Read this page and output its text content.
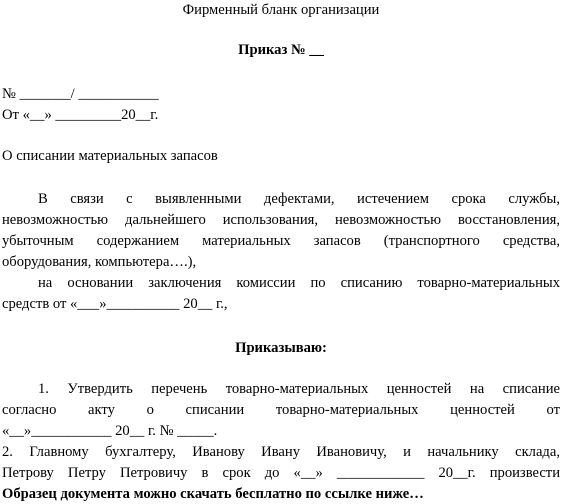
Фирменный бланк организации
Приказ № __
№ _______/ ___________
От «__» _________20__г.
О списании материальных запасов
В связи с выявленными дефектами, истечением срока службы,
невозможностью дальнейшего использования, невозможностью восстановления,
убыточным содержанием материальных запасов (транспортного средства,
оборудования, компьютера….),
на основании заключения комиссии по списанию товарно-материальных
средств от «___»__________ 20__ г.,
Приказываю:
1. Утвердить перечень товарно-материальных ценностей на списание
согласно акту о списании товарно-материальных ценностей от
«__»___________ 20__ г. № _____.
2. Главному бухгалтеру, Иванову Ивану Ивановичу, и начальнику склада,
Петрову Петру Петровичу в срок до «__» ____________ 20__г. произвести
Образец документа можно скачать бесплатно по ссылке ниже…
